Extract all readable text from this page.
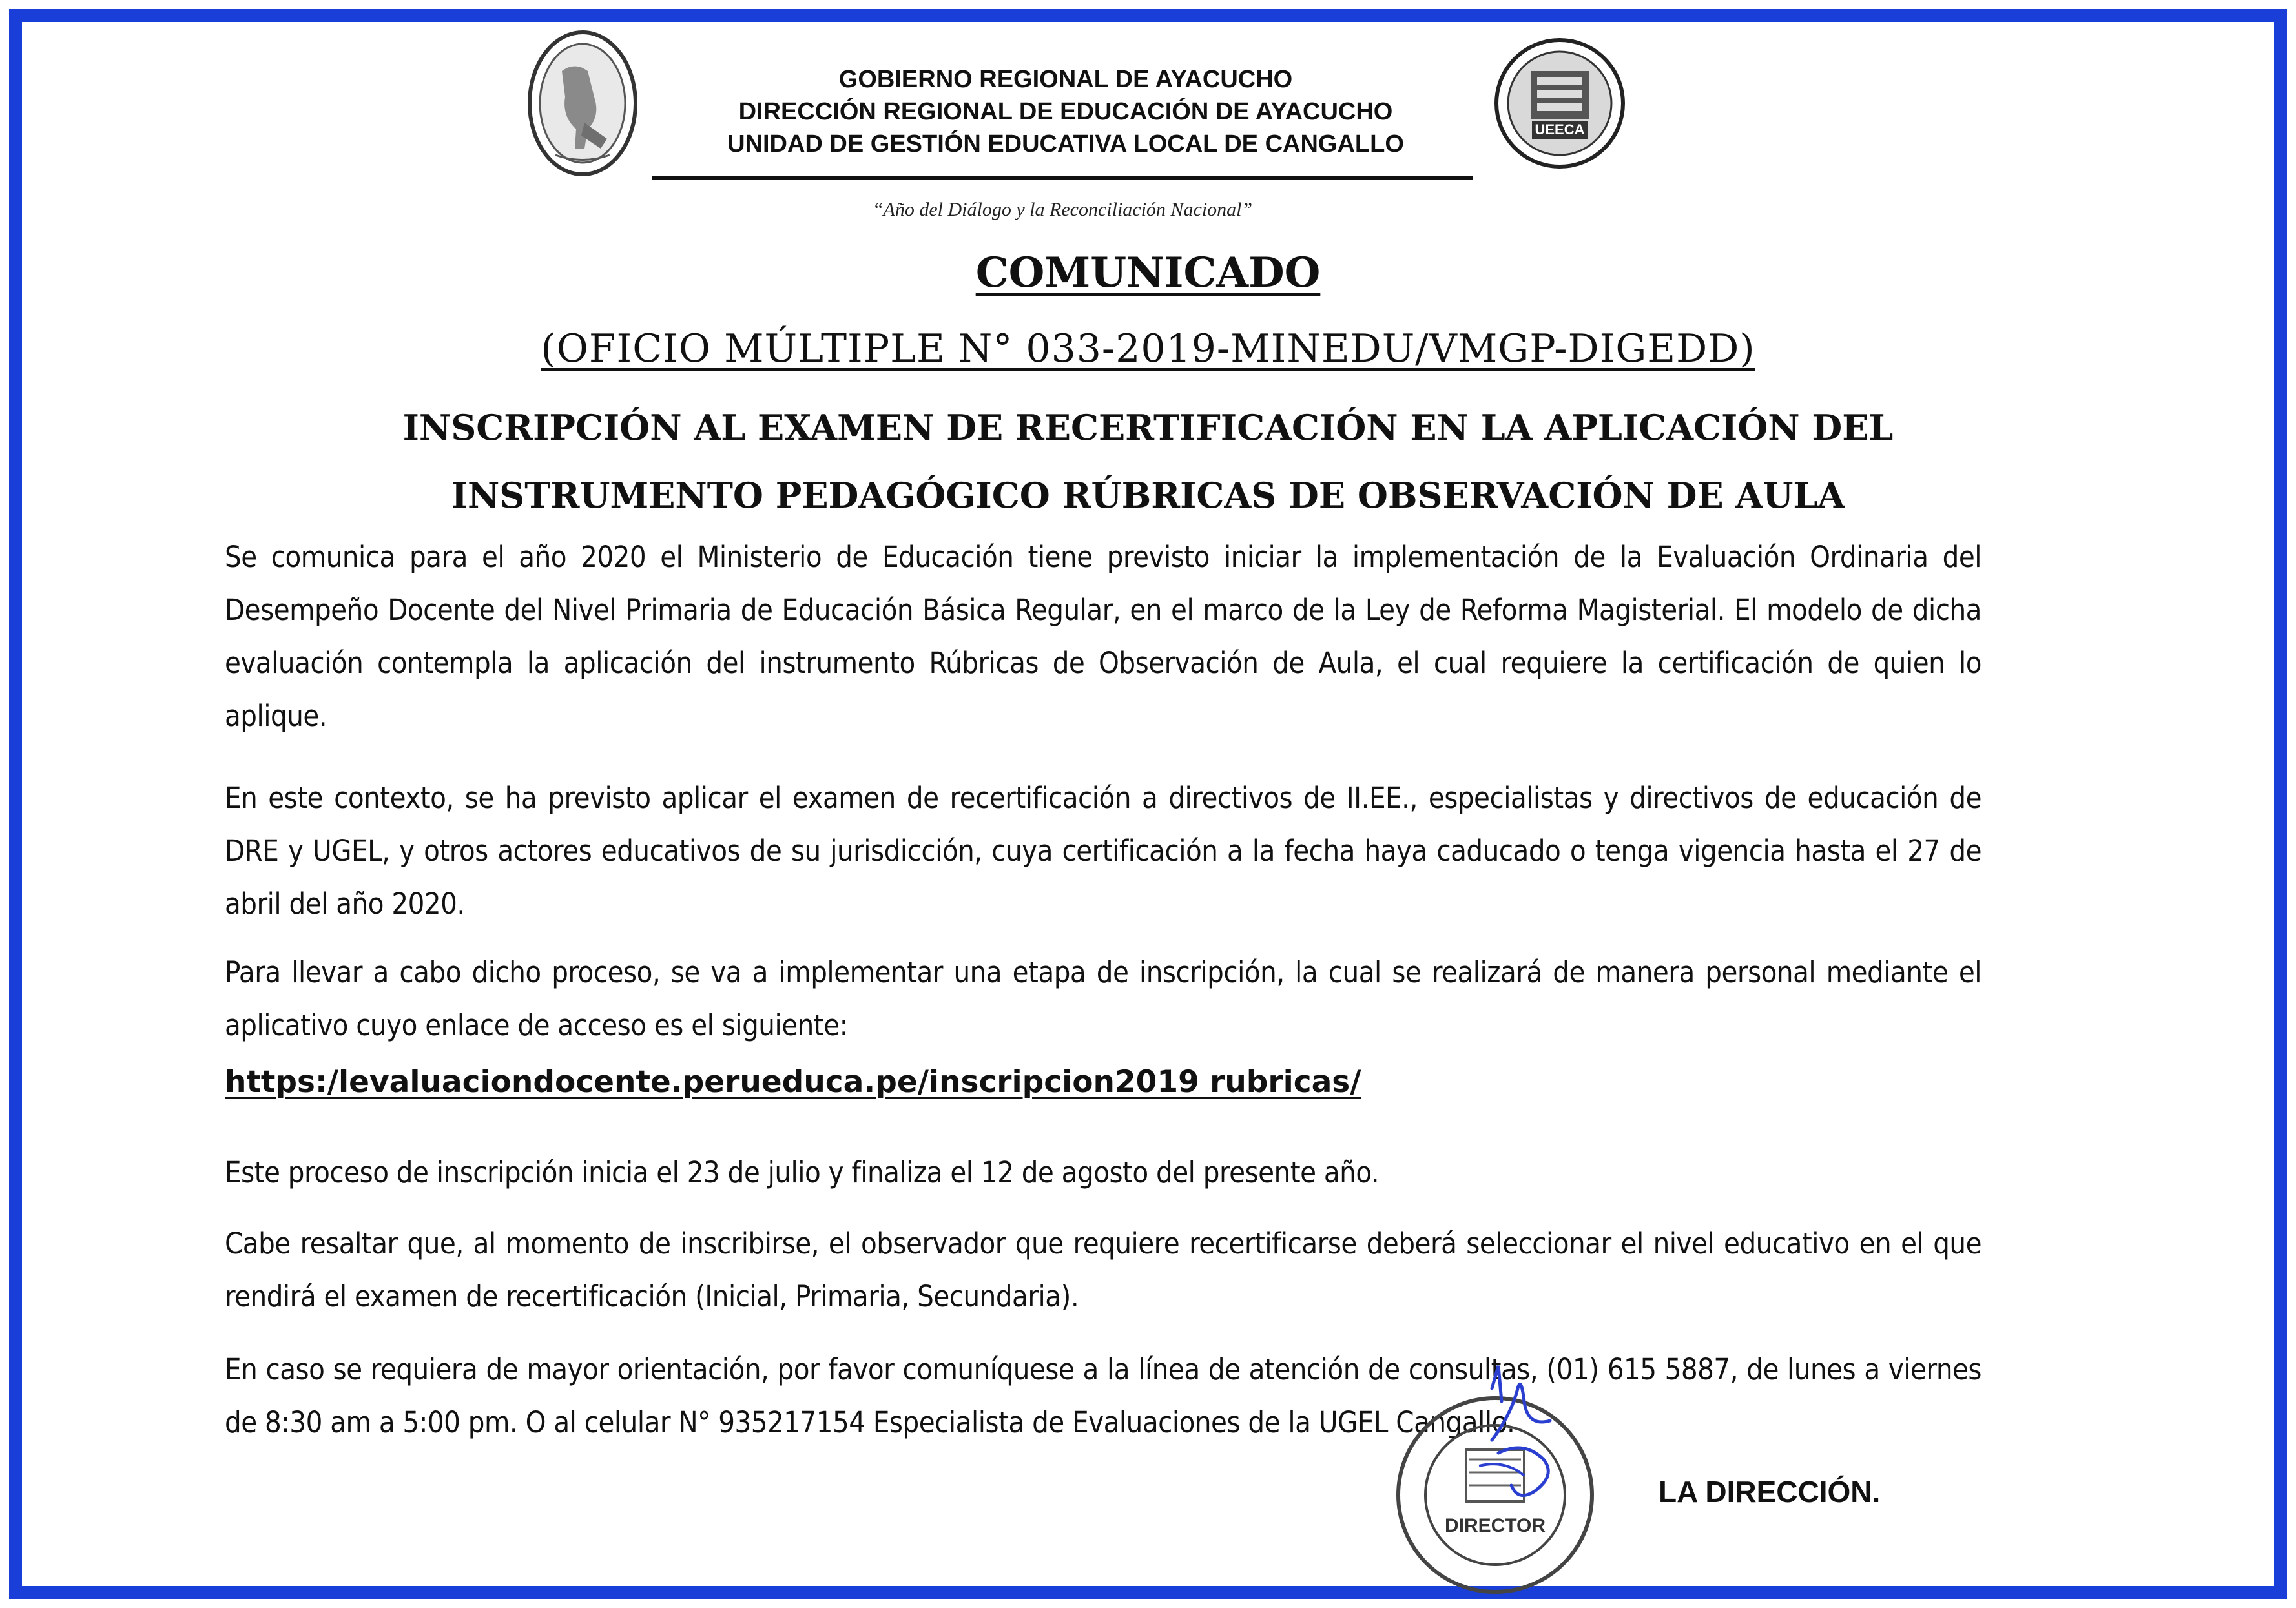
UEECA
GOBIERNO REGIONAL DE AYACUCHO
DIRECCIÓN REGIONAL DE EDUCACIÓN DE AYACUCHO
UNIDAD DE GESTIÓN EDUCATIVA LOCAL DE CANGALLO
“Año del Diálogo y la Reconciliación Nacional”
COMUNICADO
(OFICIO MÚLTIPLE N° 033-2019-MINEDU/VMGP-DIGEDD)
INSCRIPCIÓN AL EXAMEN DE RECERTIFICACIÓN EN LA APLICACIÓN DEL
INSTRUMENTO PEDAGÓGICO RÚBRICAS DE OBSERVACIÓN DE AULA
Se comunica para el año 2020 el Ministerio de Educación tiene previsto iniciar la implementación de la Evaluación Ordinaria del Desempeño Docente del Nivel Primaria de Educación Básica Regular, en el marco de la Ley de Reforma Magisterial. El modelo de dicha evaluación contempla la aplicación del instrumento Rúbricas de Observación de Aula, el cual requiere la certificación de quien lo aplique.
En este contexto, se ha previsto aplicar el examen de recertificación a directivos de II.EE., especialistas y directivos de educación de DRE y UGEL, y otros actores educativos de su jurisdicción, cuya certificación a la fecha haya caducado o tenga vigencia hasta el 27 de abril del año 2020.
Para llevar a cabo dicho proceso, se va a implementar una etapa de inscripción, la cual se realizará de manera personal mediante el aplicativo cuyo enlace de acceso es el siguiente:
https:/levaluaciondocente.perueduca.pe/inscripcion2019 rubricas/
Este proceso de inscripción inicia el 23 de julio y finaliza el 12 de agosto del presente año.
Cabe resaltar que, al momento de inscribirse, el observador que requiere recertificarse deberá seleccionar el nivel educativo en el que rendirá el examen de recertificación (Inicial, Primaria, Secundaria).
En caso se requiera de mayor orientación, por favor comuníquese a la línea de atención de consultas, (01) 615 5887, de lunes a viernes de 8:30 am a 5:00 pm. O al celular N° 935217154 Especialista de Evaluaciones de la UGEL Cangallo.
DIRECTOR
LA DIRECCIÓN.
